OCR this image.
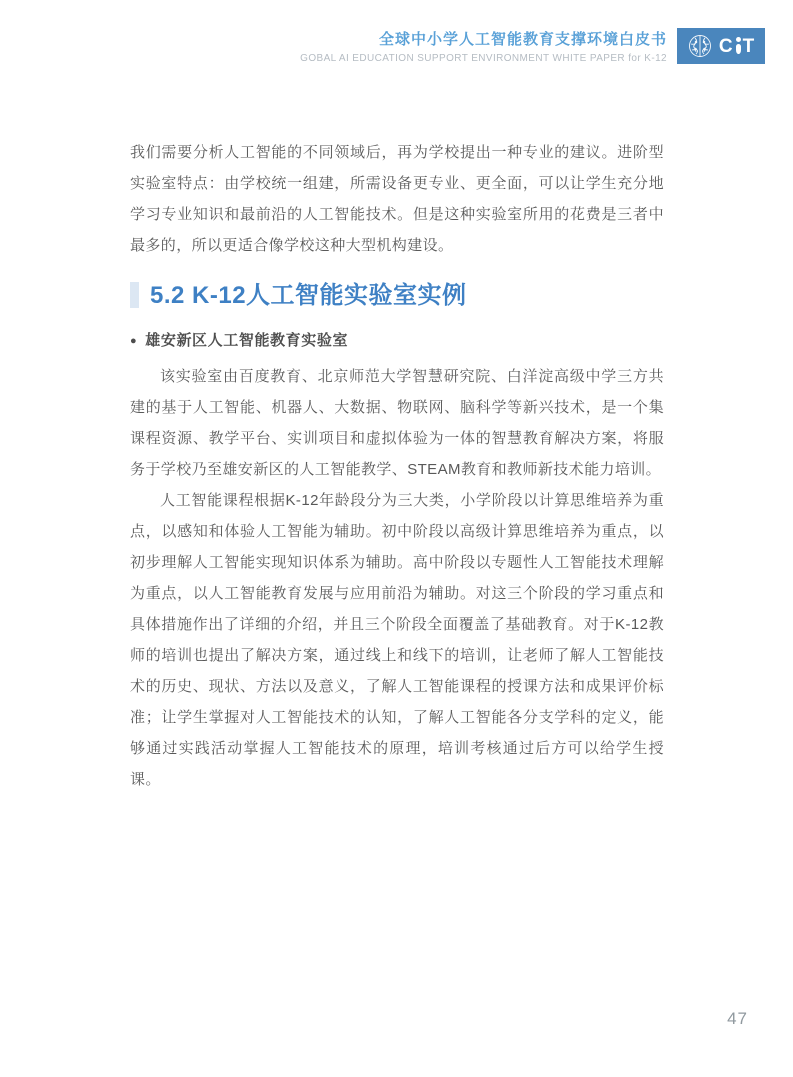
全球中小学人工智能教育支撑环境白皮书
GOBAL AI EDUCATION SUPPORT ENVIRONMENT WHITE PAPER for K-12
C T

我们需要分析人工智能的不同领域后，再为学校提出一种专业的建议。进阶型实验室特点：由学校统一组建，所需设备更专业、更全面，可以让学生充分地学习专业知识和最前沿的人工智能技术。但是这种实验室所用的花费是三者中最多的，所以更适合像学校这种大型机构建设。

5.2 K-12人工智能实验室实例
● 雄安新区人工智能教育实验室

该实验室由百度教育、北京师范大学智慧研究院、白洋淀高级中学三方共建的基于人工智能、机器人、大数据、物联网、脑科学等新兴技术，是一个集课程资源、教学平台、实训项目和虚拟体验为一体的智慧教育解决方案，将服务于学校乃至雄安新区的人工智能教学、STEAM教育和教师新技术能力培训。

人工智能课程根据K-12年龄段分为三大类，小学阶段以计算思维培养为重点，以感知和体验人工智能为辅助。初中阶段以高级计算思维培养为重点，以初步理解人工智能实现知识体系为辅助。高中阶段以专题性人工智能技术理解为重点，以人工智能教育发展与应用前沿为辅助。对这三个阶段的学习重点和具体措施作出了详细的介绍，并且三个阶段全面覆盖了基础教育。对于K-12教师的培训也提出了解决方案，通过线上和线下的培训，让老师了解人工智能技术的历史、现状、方法以及意义，了解人工智能课程的授课方法和成果评价标准；让学生掌握对人工智能技术的认知，了解人工智能各分支学科的定义，能够通过实践活动掌握人工智能技术的原理，培训考核通过后方可以给学生授课。

47
